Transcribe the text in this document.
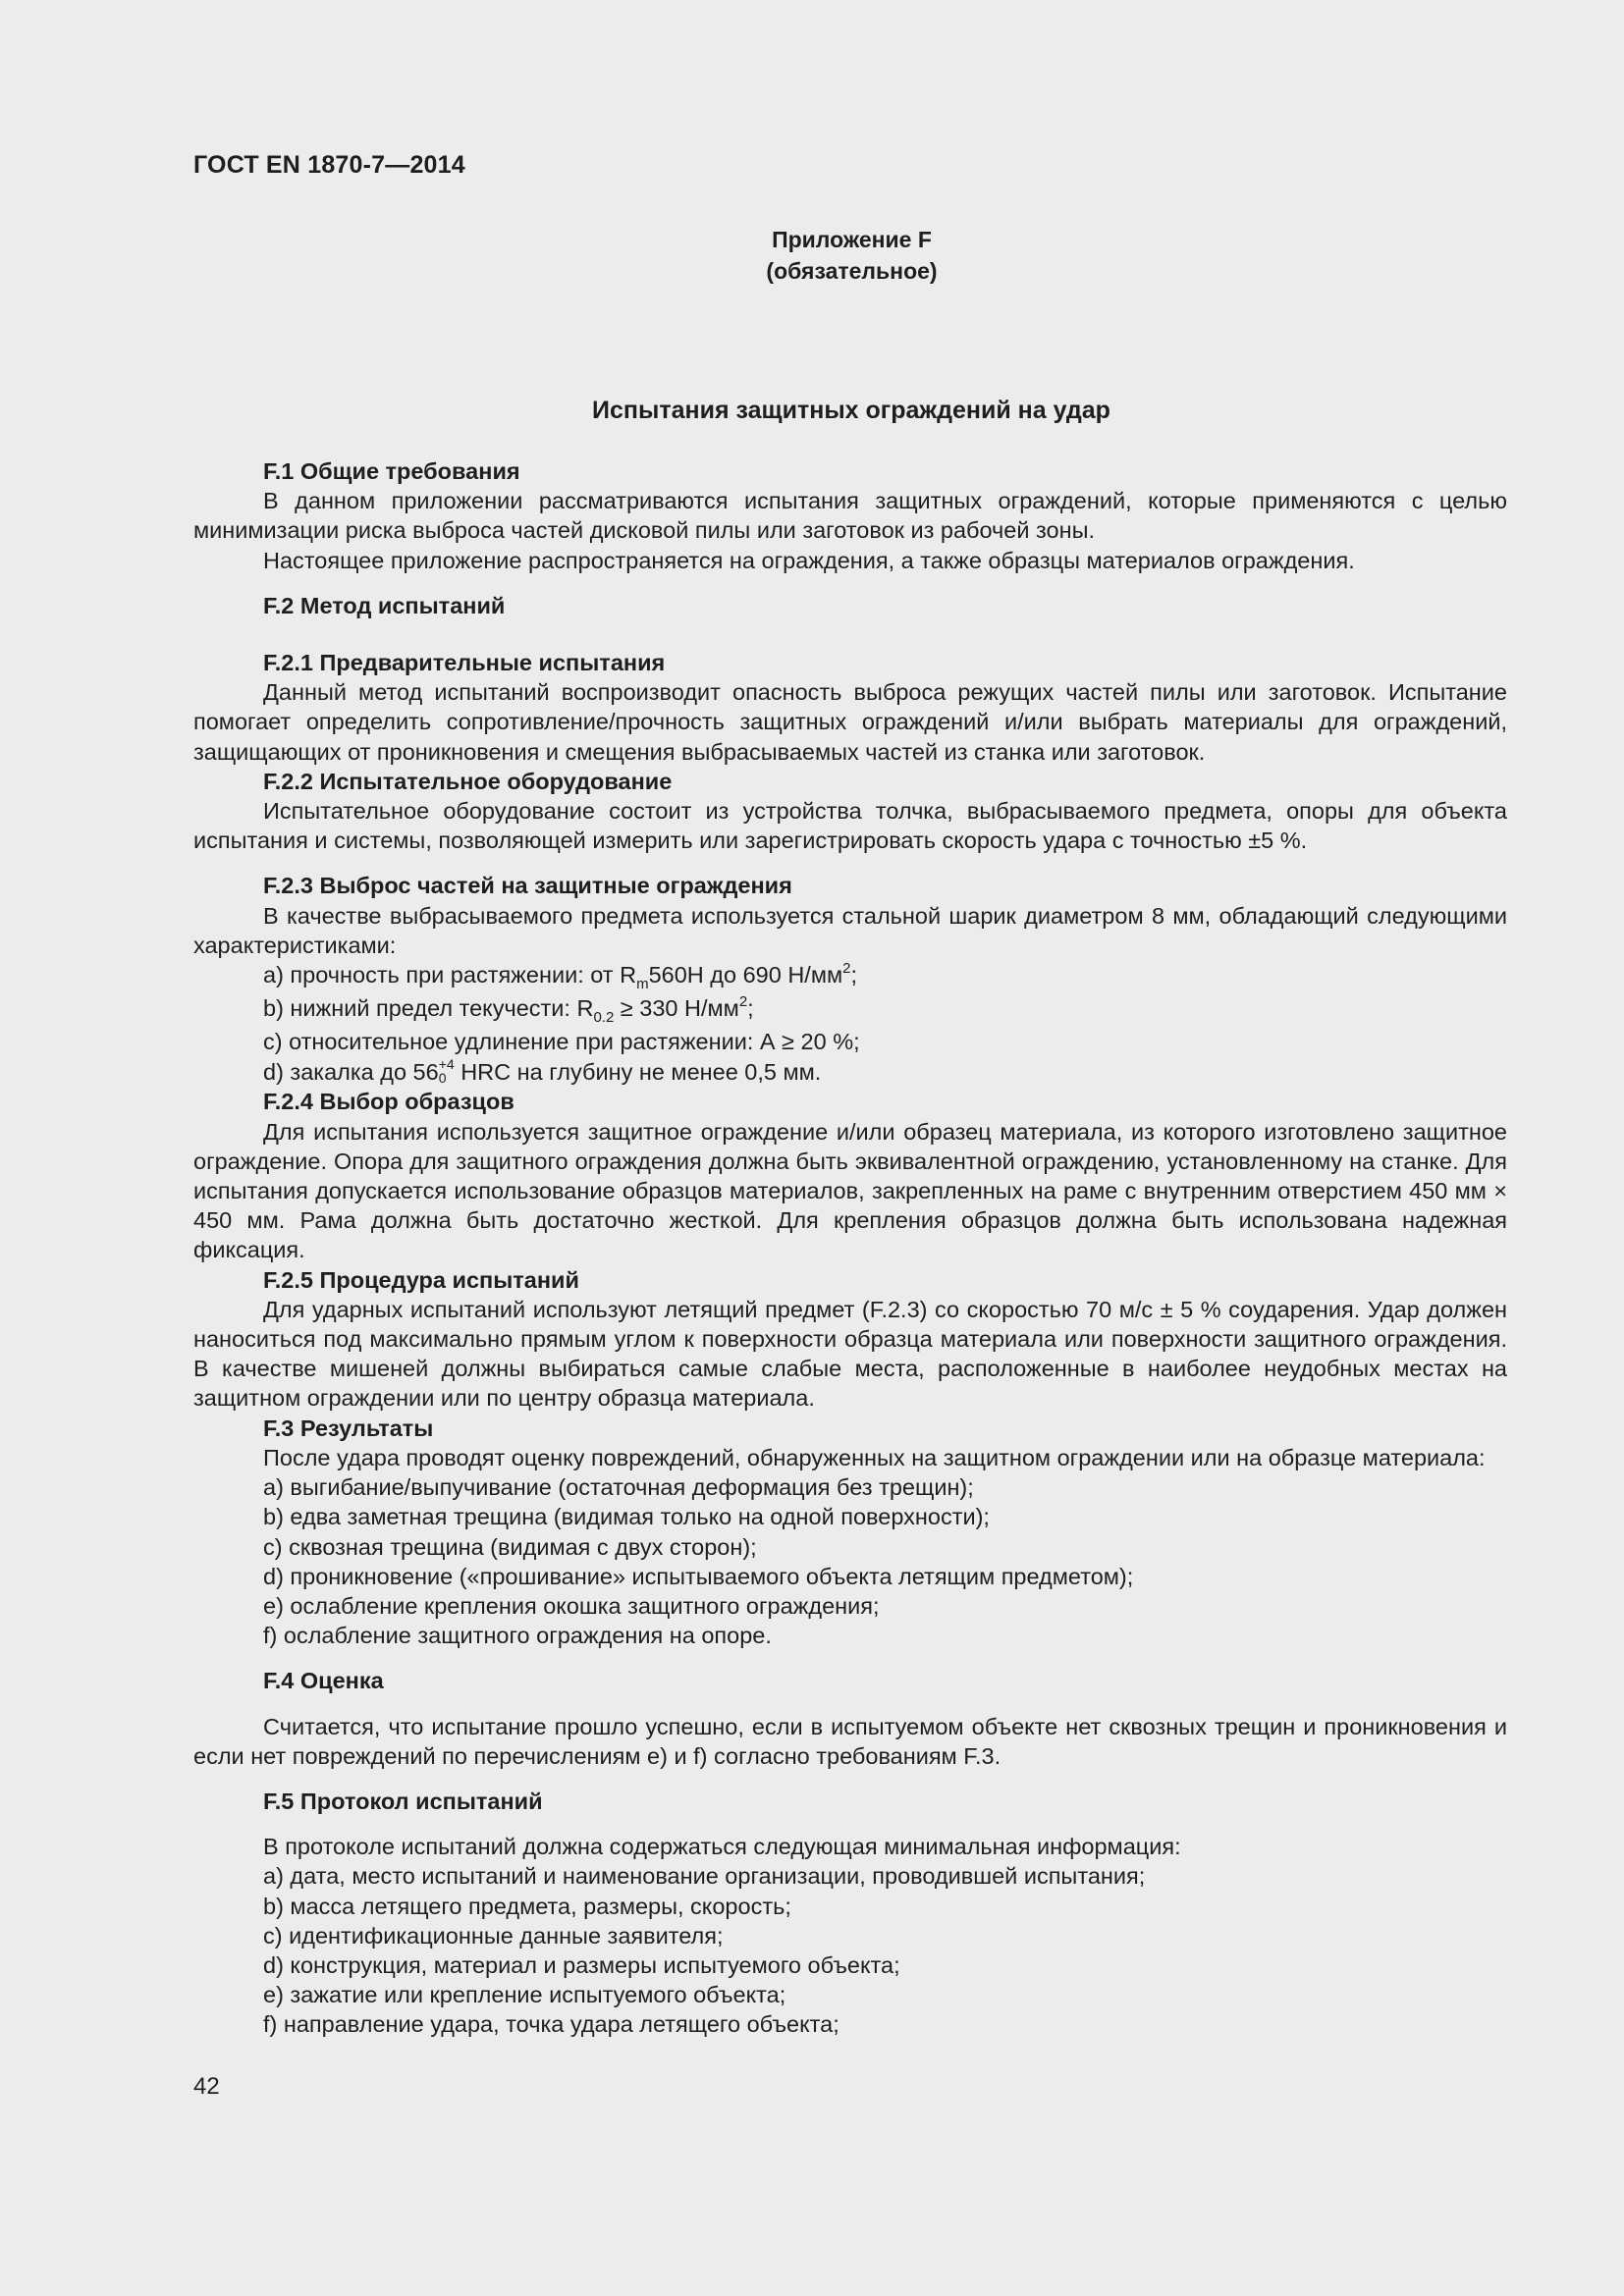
ГОСТ EN 1870-7—2014
Приложение F
(обязательное)
Испытания защитных ограждений на удар

F.1 Общие требования

В данном приложении рассматриваются испытания защитных ограждений, которые применяются с целью минимизации риска выброса частей дисковой пилы или заготовок из рабочей зоны.

Настоящее приложение распространяется на ограждения, а также образцы материалов ограждения.

F.2 Метод испытаний

F.2.1 Предварительные испытания

Данный метод испытаний воспроизводит опасность выброса режущих частей пилы или заготовок. Испытание помогает определить сопротивление/прочность защитных ограждений и/или выбрать материалы для ограждений, защищающих от проникновения и смещения выбрасываемых частей из станка или заготовок.

F.2.2 Испытательное оборудование

Испытательное оборудование состоит из устройства толчка, выбрасываемого предмета, опоры для объекта испытания и системы, позволяющей измерить или зарегистрировать скорость удара с точностью ±5 %.

F.2.3 Выброс частей на защитные ограждения

В качестве выбрасываемого предмета используется стальной шарик диаметром 8 мм, обладающий следующими характеристиками:

a) прочность при растяжении: от $R_m560H$ до 690 $Н/мм^2$;

b) нижний предел текучести: $R_{0.2} \ge 330$ $Н/мм^2$;

c) относительное удлинение при растяжении: А ≥ 20 %;

d) закалка до 56 +4
0 HRC на глубину не менее 0,5 мм.

F.2.4 Выбор образцов

Для испытания используется защитное ограждение и/или образец материала, из которого изготовлено защитное ограждение. Опора для защитного ограждения должна быть эквивалентной ограждению, установленному на станке. Для испытания допускается использование образцов материалов, закрепленных на раме с внутренним отверстием 450 мм × 450 мм. Рама должна быть достаточно жесткой. Для крепления образцов должна быть использована надежная фиксация.

F.2.5 Процедура испытаний

Для ударных испытаний используют летящий предмет (F.2.3) со скоростью 70 м/с ± 5 % соударения. Удар должен наноситься под максимально прямым углом к поверхности образца материала или поверхности защитного ограждения. В качестве мишеней должны выбираться самые слабые места, расположенные в наиболее неудобных местах на защитном ограждении или по центру образца материала.

F.3 Результаты

После удара проводят оценку повреждений, обнаруженных на защитном ограждении или на образце материала:

a) выгибание/выпучивание (остаточная деформация без трещин);

b) едва заметная трещина (видимая только на одной поверхности);

c) сквозная трещина (видимая с двух сторон);

d) проникновение («прошивание» испытываемого объекта летящим предметом);

e) ослабление крепления окошка защитного ограждения;

f) ослабление защитного ограждения на опоре.

F.4 Оценка

Считается, что испытание прошло успешно, если в испытуемом объекте нет сквозных трещин и проникновения и если нет повреждений по перечислениям e) и f) согласно требованиям F.3.

F.5 Протокол испытаний

В протоколе испытаний должна содержаться следующая минимальная информация:

a) дата, место испытаний и наименование организации, проводившей испытания;

b) масса летящего предмета, размеры, скорость;

c) идентификационные данные заявителя;

d) конструкция, материал и размеры испытуемого объекта;

e) зажатие или крепление испытуемого объекта;

f) направление удара, точка удара летящего объекта;

42
